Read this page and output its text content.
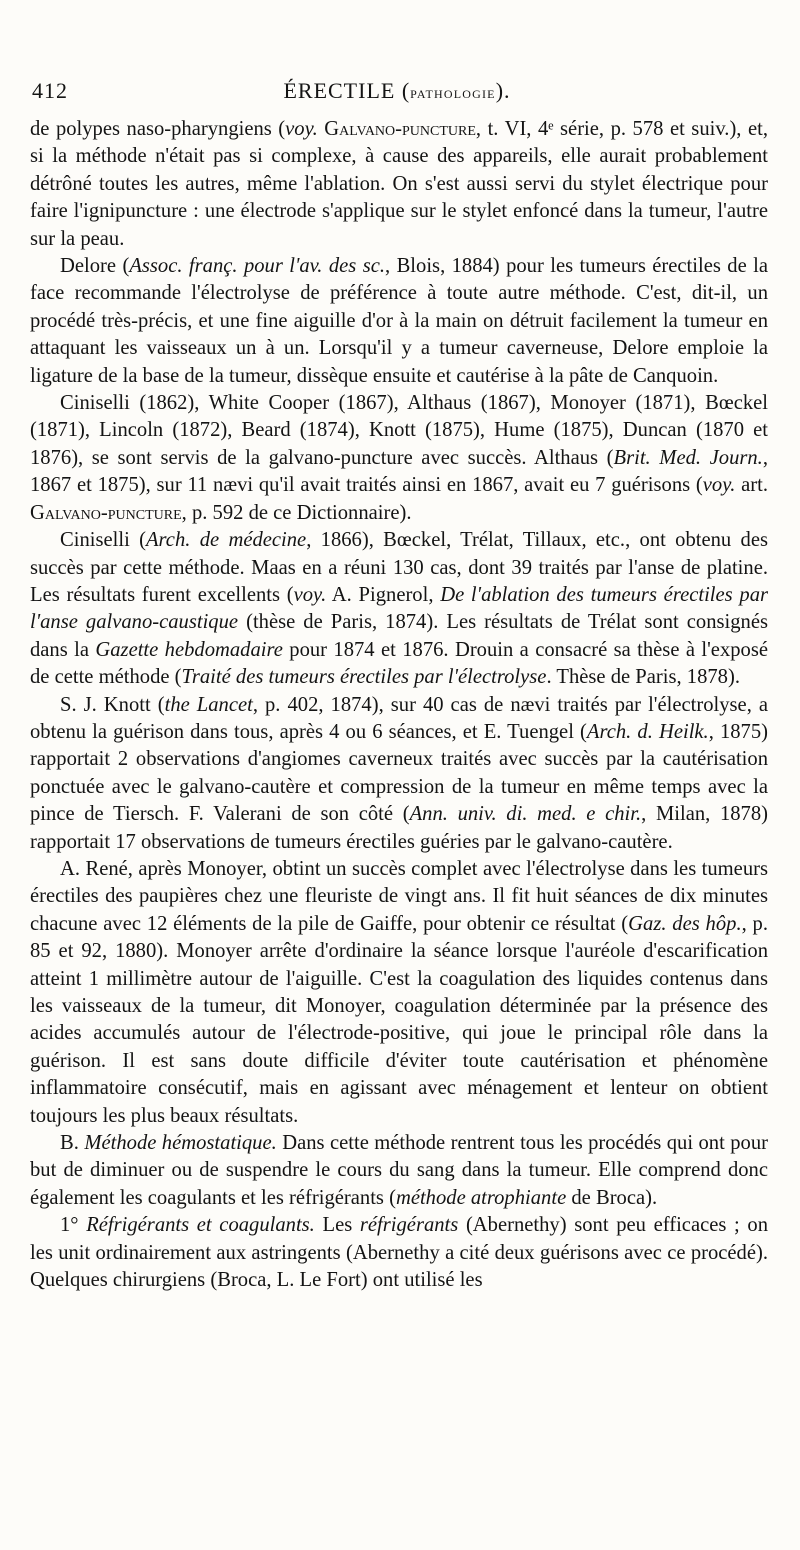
412	ÉRECTILE (pathologie).

de polypes naso-pharyngiens (voy. Galvano-puncture, t. VI, 4ᵉ série, p. 578 et suiv.), et, si la méthode n'était pas si complexe, à cause des appareils, elle aurait probablement détrôné toutes les autres, même l'ablation. On s'est aussi servi du stylet électrique pour faire l'ignipuncture : une électrode s'applique sur le stylet enfoncé dans la tumeur, l'autre sur la peau.

Delore (Assoc. franç. pour l'av. des sc., Blois, 1884) pour les tumeurs érectiles de la face recommande l'électrolyse de préférence à toute autre méthode. C'est, dit-il, un procédé très-précis, et une fine aiguille d'or à la main on détruit facilement la tumeur en attaquant les vaisseaux un à un. Lorsqu'il y a tumeur caverneuse, Delore emploie la ligature de la base de la tumeur, dissèque ensuite et cautérise à la pâte de Canquoin.

Ciniselli (1862), White Cooper (1867), Althaus (1867), Monoyer (1871), Bœckel (1871), Lincoln (1872), Beard (1874), Knott (1875), Hume (1875), Duncan (1870 et 1876), se sont servis de la galvano-puncture avec succès. Althaus (Brit. Med. Journ., 1867 et 1875), sur 11 nævi qu'il avait traités ainsi en 1867, avait eu 7 guérisons (voy. art. Galvano-puncture, p. 592 de ce Dictionnaire).

Ciniselli (Arch. de médecine, 1866), Bœckel, Trélat, Tillaux, etc., ont obtenu des succès par cette méthode. Maas en a réuni 130 cas, dont 39 traités par l'anse de platine. Les résultats furent excellents (voy. A. Pignerol, De l'ablation des tumeurs érectiles par l'anse galvano-caustique (thèse de Paris, 1874). Les résultats de Trélat sont consignés dans la Gazette hebdomadaire pour 1874 et 1876. Drouin a consacré sa thèse à l'exposé de cette méthode (Traité des tumeurs érectiles par l'électrolyse. Thèse de Paris, 1878).

S. J. Knott (the Lancet, p. 402, 1874), sur 40 cas de nævi traités par l'électrolyse, a obtenu la guérison dans tous, après 4 ou 6 séances, et E. Tuengel (Arch. d. Heilk., 1875) rapportait 2 observations d'angiomes caverneux traités avec succès par la cautérisation ponctuée avec le galvano-cautère et compression de la tumeur en même temps avec la pince de Tiersch. F. Valerani de son côté (Ann. univ. di. med. e chir., Milan, 1878) rapportait 17 observations de tumeurs érectiles guéries par le galvano-cautère.

A. René, après Monoyer, obtint un succès complet avec l'électrolyse dans les tumeurs érectiles des paupières chez une fleuriste de vingt ans. Il fit huit séances de dix minutes chacune avec 12 éléments de la pile de Gaiffe, pour obtenir ce résultat (Gaz. des hôp., p. 85 et 92, 1880). Monoyer arrête d'ordinaire la séance lorsque l'auréole d'escarification atteint 1 millimètre autour de l'aiguille. C'est la coagulation des liquides contenus dans les vaisseaux de la tumeur, dit Monoyer, coagulation déterminée par la présence des acides accumulés autour de l'électrode-positive, qui joue le principal rôle dans la guérison. Il est sans doute difficile d'éviter toute cautérisation et phénomène inflammatoire consécutif, mais en agissant avec ménagement et lenteur on obtient toujours les plus beaux résultats.

B. Méthode hémostatique. Dans cette méthode rentrent tous les procédés qui ont pour but de diminuer ou de suspendre le cours du sang dans la tumeur. Elle comprend donc également les coagulants et les réfrigérants (méthode atrophiante de Broca).

1° Réfrigérants et coagulants. Les réfrigérants (Abernethy) sont peu efficaces ; on les unit ordinairement aux astringents (Abernethy a cité deux guérisons avec ce procédé). Quelques chirurgiens (Broca, L. Le Fort) ont utilisé les
